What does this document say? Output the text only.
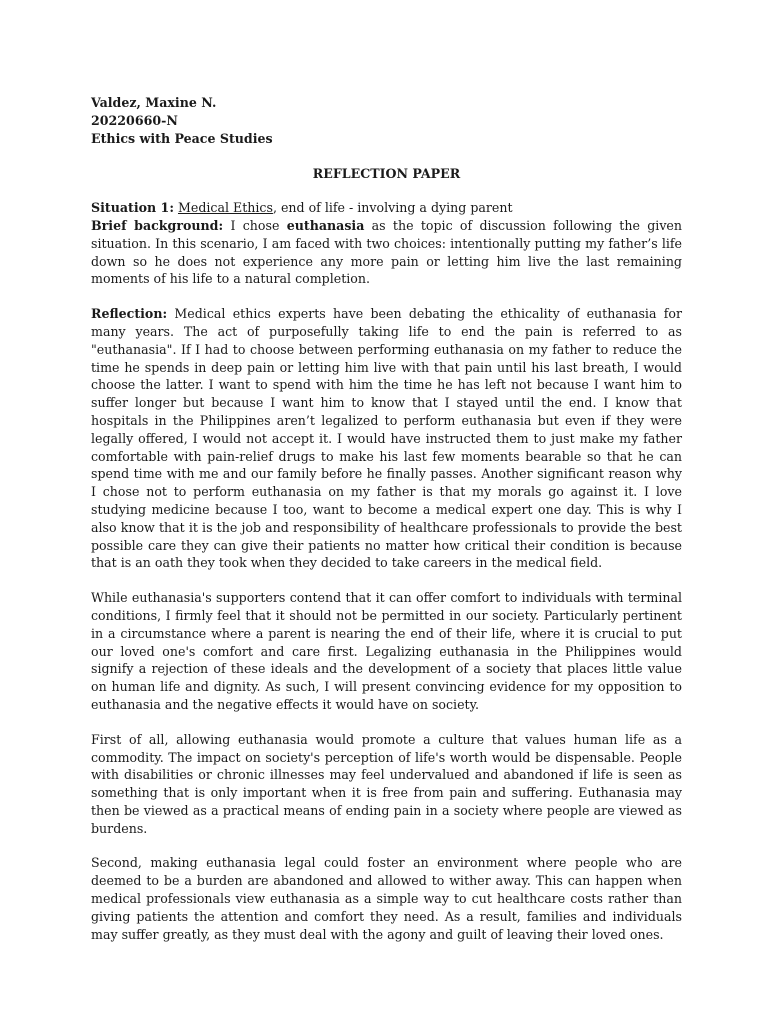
Valdez, Maxine N.
20220660-N
Ethics with Peace Studies
REFLECTION PAPER

Situation 1: Medical Ethics, end of life - involving a dying parent

Brief background: I chose euthanasia as the topic of discussion following the given situation. In this scenario, I am faced with two choices: intentionally putting my father’s life down so he does not experience any more pain or letting him live the last remaining moments of his life to a natural completion.

Reflection: Medical ethics experts have been debating the ethicality of euthanasia for many years. The act of purposefully taking life to end the pain is referred to as "euthanasia". If I had to choose between performing euthanasia on my father to reduce the time he spends in deep pain or letting him live with that pain until his last breath, I would choose the latter. I want to spend with him the time he has left not because I want him to suffer longer but because I want him to know that I stayed until the end. I know that hospitals in the Philippines aren’t legalized to perform euthanasia but even if they were legally offered, I would not accept it. I would have instructed them to just make my father comfortable with pain-relief drugs to make his last few moments bearable so that he can spend time with me and our family before he finally passes. Another significant reason why I chose not to perform euthanasia on my father is that my morals go against it. I love studying medicine because I too, want to become a medical expert one day. This is why I also know that it is the job and responsibility of healthcare professionals to provide the best possible care they can give their patients no matter how critical their condition is because that is an oath they took when they decided to take careers in the medical field.

While euthanasia's supporters contend that it can offer comfort to individuals with terminal conditions, I firmly feel that it should not be permitted in our society. Particularly pertinent in a circumstance where a parent is nearing the end of their life, where it is crucial to put our loved one's comfort and care first. Legalizing euthanasia in the Philippines would signify a rejection of these ideals and the development of a society that places little value on human life and dignity. As such, I will present convincing evidence for my opposition to euthanasia and the negative effects it would have on society.

First of all, allowing euthanasia would promote a culture that values human life as a commodity. The impact on society's perception of life's worth would be dispensable. People with disabilities or chronic illnesses may feel undervalued and abandoned if life is seen as something that is only important when it is free from pain and suffering. Euthanasia may then be viewed as a practical means of ending pain in a society where people are viewed as burdens.

Second, making euthanasia legal could foster an environment where people who are deemed to be a burden are abandoned and allowed to wither away. This can happen when medical professionals view euthanasia as a simple way to cut healthcare costs rather than giving patients the attention and comfort they need. As a result, families and individuals may suffer greatly, as they must deal with the agony and guilt of leaving their loved ones.
